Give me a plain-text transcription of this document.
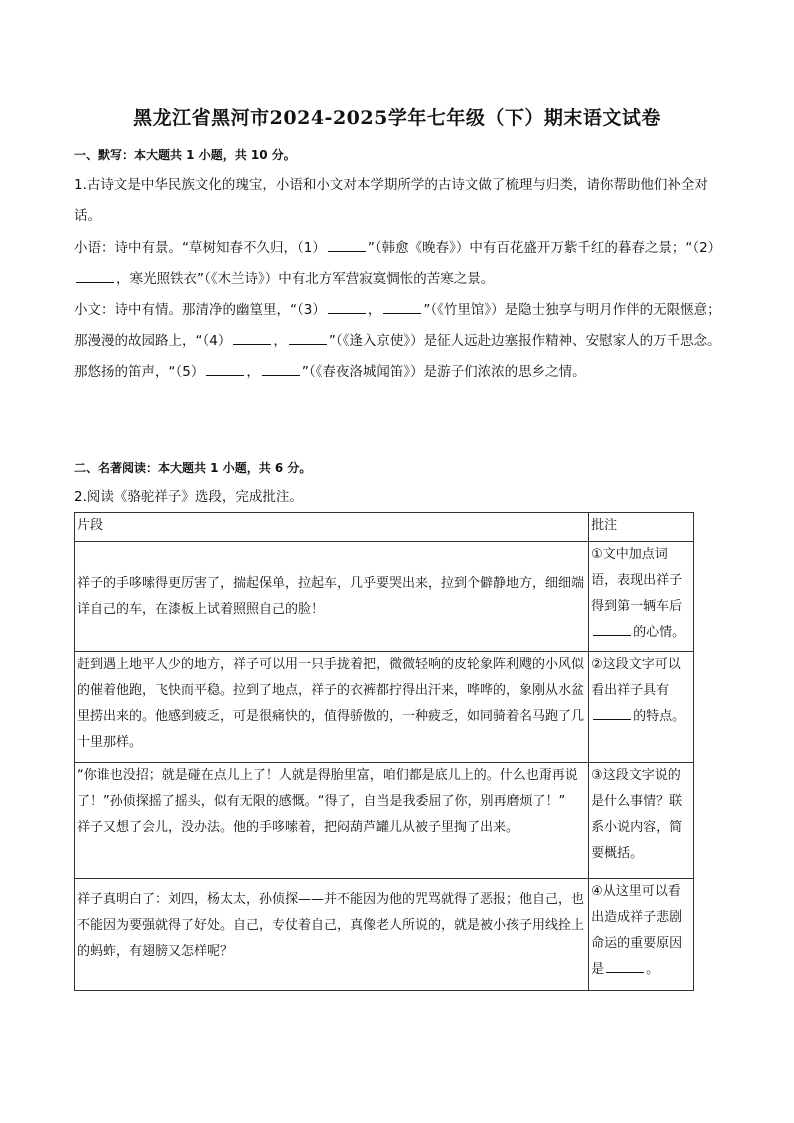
黑龙江省黑河市2024-2025学年七年级（下）期末语文试卷
一、默写：本大题共 1 小题，共 10 分。
1.古诗文是中华民族文化的瑰宝，小语和小文对本学期所学的古诗文做了梳理与归类，请你帮助他们补全对话。
小语：诗中有景。“草树知春不久归，（1）	”（韩愈《晚春》）中有百花盛开万紫千红的暮春之景；“（2），寒光照铁衣”（《木兰诗》）中有北方军营寂寞惆怅的苦寒之景。
小文：诗中有情。那清净的幽篁里，“（3）	，	”（《竹里馆》）是隐士独享与明月作伴的无限惬意；那漫漫的故园路上，“（4）	，	”（《逢入京使》）是征人远赴边塞报作精神、安慰家人的万千思念。那悠扬的笛声，“（5）	，	”（《春夜洛城闻笛》）是游子们浓浓的思乡之情。
二、名著阅读：本大题共 1 小题，共 6 分。
2.阅读《骆驼祥子》选段，完成批注。
片段	批注
祥子的手哆嗦得更厉害了，揣起保单，拉起车，几乎要哭出来，拉到个僻静地方，细细端详自己的车，在漆板上试着照照自己的脸！	①文中加点词语，表现出祥子得到第一辆车后的心情。
赶到遇上地平人少的地方，祥子可以用一只手拢着把，微微轻响的皮轮象阵利飕的小风似的催着他跑，飞快而平稳。拉到了地点，祥子的衣裤都拧得出汗来，哗哗的，象刚从水盆里捞出来的。他感到疲乏，可是很痛快的，值得骄傲的，一种疲乏，如同骑着名马跑了几十里那样。	②这段文字可以看出祥子具有的特点。

“你谁也没招；就是碰在点儿上了！人就是得胎里富，咱们都是底儿上的。什么也甭再说了！”孙侦探摇了摇头，似有无限的感慨。“得了，自当是我委屈了你，别再磨烦了！”
祥子又想了会儿，没办法。他的手哆嗦着，把闷葫芦罐儿从被子里掏了出来。	③这段文字说的是什么事情？联系小说内容，简要概括。
祥子真明白了：刘四，杨太太，孙侦探——并不能因为他的咒骂就得了恶报；他自己，也不能因为要强就得了好处。自己，专仗着自己，真像老人所说的，就是被小孩子用线拴上的蚂蚱，有翅膀又怎样呢？	④从这里可以看出造成祥子悲剧命运的重要原因是 。
